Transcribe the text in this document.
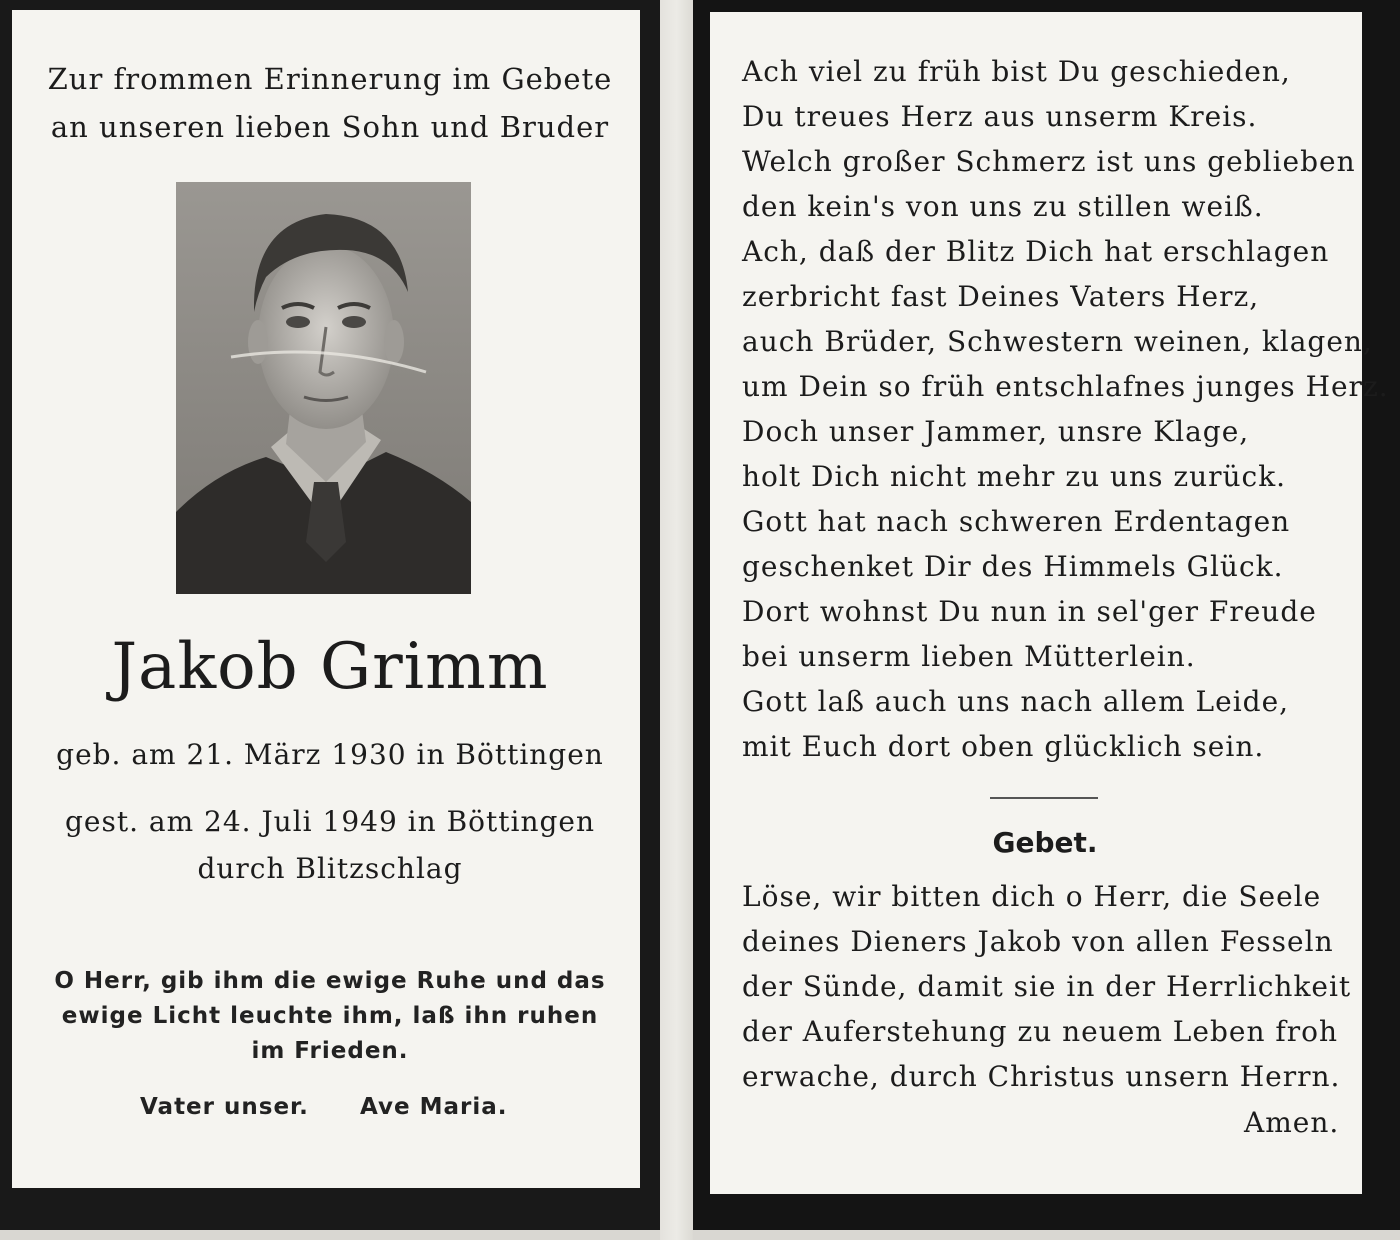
Zur frommen Erinnerung im Gebete
an unseren lieben Sohn und Bruder
Jakob Grimm
geb. am 21. März 1930 in Böttingen
gest. am 24. Juli 1949 in Böttingen
durch Blitzschlag
O Herr, gib ihm die ewige Ruhe und das
ewige Licht leuchte ihm, laß ihn ruhen
im Frieden.
Vater unser.	Ave Maria.
Ach viel zu früh bist Du geschieden,
Du treues Herz aus unserm Kreis.
Welch großer Schmerz ist uns geblieben
den kein's von uns zu stillen weiß.
Ach, daß der Blitz Dich hat erschlagen
zerbricht fast Deines Vaters Herz,
auch Brüder, Schwestern weinen, klagen,
um Dein so früh entschlafnes junges Herz.
Doch unser Jammer, unsre Klage,
holt Dich nicht mehr zu uns zurück.
Gott hat nach schweren Erdentagen
geschenket Dir des Himmels Glück.
Dort wohnst Du nun in sel'ger Freude
bei unserm lieben Mütterlein.
Gott laß auch uns nach allem Leide,
mit Euch dort oben glücklich sein.
Gebet.
Löse, wir bitten dich o Herr, die Seele
deines Dieners Jakob von allen Fesseln
der Sünde, damit sie in der Herrlichkeit
der Auferstehung zu neuem Leben froh
erwache, durch Christus unsern Herrn.
Amen.
